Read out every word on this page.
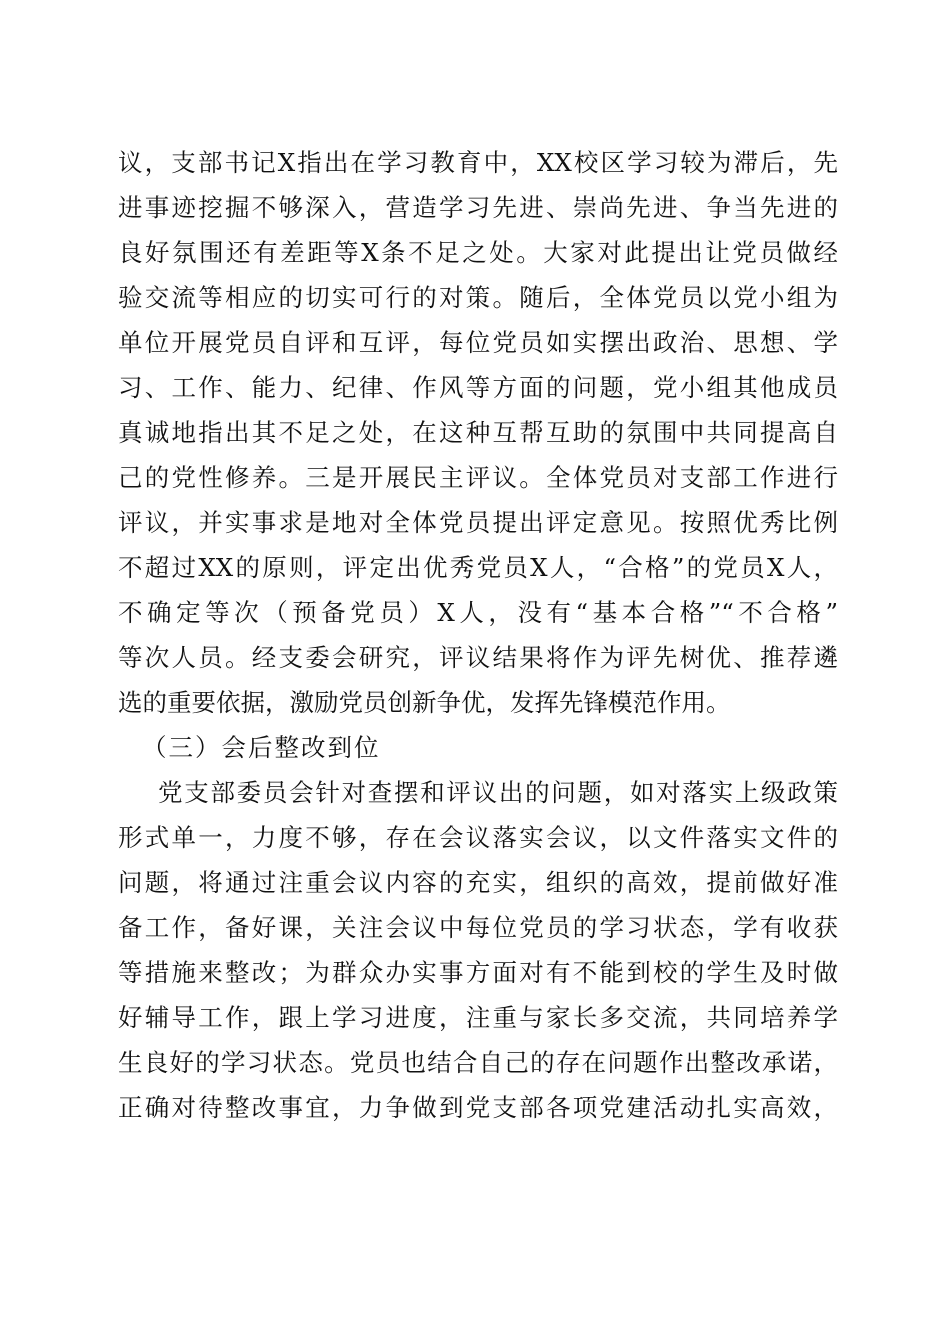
议，支部书记X指出在学习教育中，XX校区学习较为滞后，先
进事迹挖掘不够深入，营造学习先进、崇尚先进、争当先进的
良好氛围还有差距等X条不足之处。大家对此提出让党员做经
验交流等相应的切实可行的对策。随后，全体党员以党小组为
单位开展党员自评和互评，每位党员如实摆出政治、思想、学
习、工作、能力、纪律、作风等方面的问题，党小组其他成员
真诚地指出其不足之处，在这种互帮互助的氛围中共同提高自
己的党性修养。三是开展民主评议。全体党员对支部工作进行
评议，并实事求是地对全体党员提出评定意见。按照优秀比例
不超过XX的原则，评定出优秀党员X人，“合格”的党员X人，
不确定等次（预备党员）X人，没有“基本合格”“不合格”
等次人员。经支委会研究，评议结果将作为评先树优、推荐遴
选的重要依据，激励党员创新争优，发挥先锋模范作用。
（三）会后整改到位
党支部委员会针对查摆和评议出的问题，如对落实上级政策
形式单一，力度不够，存在会议落实会议，以文件落实文件的
问题，将通过注重会议内容的充实，组织的高效，提前做好准
备工作，备好课，关注会议中每位党员的学习状态，学有收获
等措施来整改；为群众办实事方面对有不能到校的学生及时做
好辅导工作，跟上学习进度，注重与家长多交流，共同培养学
生良好的学习状态。党员也结合自己的存在问题作出整改承诺，
正确对待整改事宜，力争做到党支部各项党建活动扎实高效，
